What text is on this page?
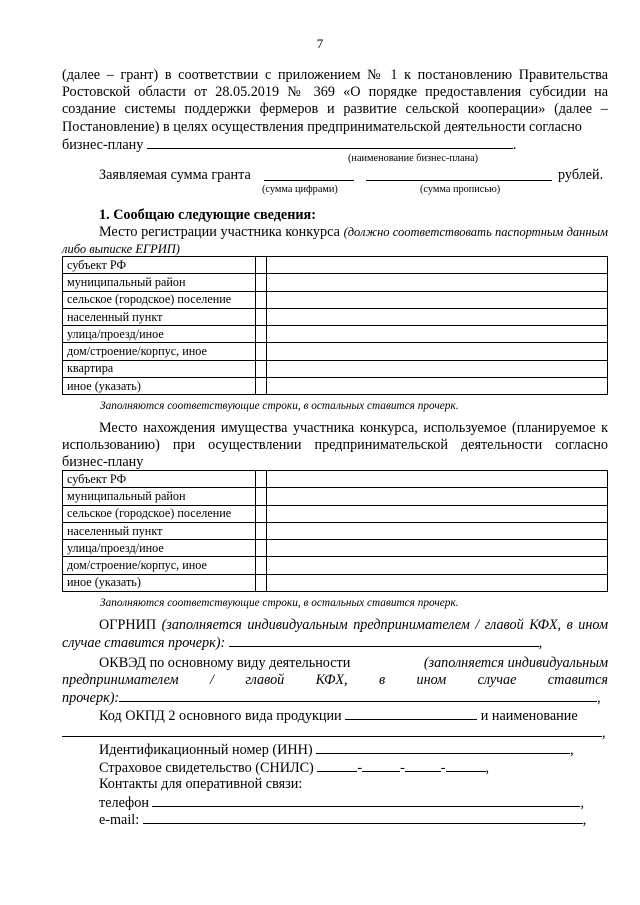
7
(далее – грант) в соответствии с приложением № 1 к постановлению Правительства Ростовской области от 28.05.2019 № 369 «О порядке предоставления субсидии на создание системы поддержки фермеров и развитие сельской кооперации» (далее – Постановление) в целях осуществления предпринимательской деятельности согласно
бизнес-плану	.
(наименование бизнес-плана)
Заявляемая сумма гранта	рублей.
(сумма цифрами)	(сумма прописью)
1. Сообщаю следующие сведения:
Место регистрации участника конкурса (должно соответствовать паспортным данным либо выписке ЕГРИП)
субъект РФ		
муниципальный район		
сельское (городское) поселение		
населенный пункт		
улица/проезд/иное		
дом/строение/корпус, иное		
квартира		
иное (указать)		
Заполняются соответствующие строки, в остальных ставится прочерк.
Место нахождения имущества участника конкурса, используемое (планируемое к использованию) при осуществлении предпринимательской деятельности согласно бизнес-плану
субъект РФ		
муниципальный район		
сельское (городское) поселение		
населенный пункт		
улица/проезд/иное		
дом/строение/корпус, иное		
иное (указать)		
Заполняются соответствующие строки, в остальных ставится прочерк.
ОГРНИП (заполняется индивидуальным предпринимателем / главой КФХ, в ином случае ставится прочерк):	,
ОКВЭД по основному виду деятельности	(заполняется индивидуальным
предпринимателем / главой КФХ, в ином случае ставится
прочерк):	,
Код ОКПД 2 основного вида продукции	и наименование
,
Идентификационный номер (ИНН)	,
Страховое свидетельство (СНИЛС)	-	-	-	,
Контакты для оперативной связи:
телефон	,
e-mail:	,
